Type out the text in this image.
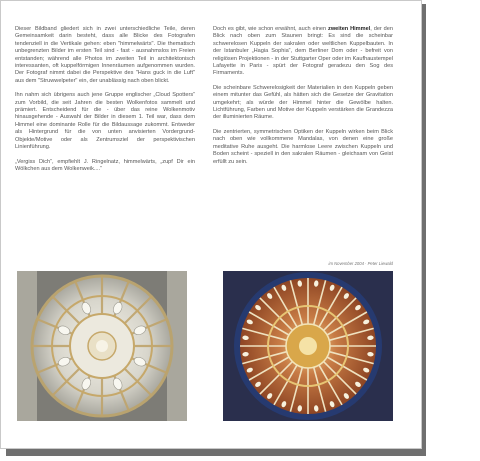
Dieser Bildband gliedert sich in zwei unterschiedliche Teile, deren Gemeinsamkeit darin besteht, dass alle Blicke des Fotografen tendenziell in die Vertikale gehen: eben "himmelwärts". Die thematisch unbegrenzten Bilder im ersten Teil sind - fast - ausnahmslos im Freien entstanden; während alle Photos im zweiten Teil in architektonisch interessanten, oft kuppelförmigen Innenräumen aufgenommen wurden. Der Fotograf nimmt dabei die Perspektive des "Hans guck in die Luft" aus dem "Struwwelpeter" ein, der unablässig nach oben blickt.

Ihn nahm sich übrigens auch jene Gruppe englischer „Cloud Spotters“ zum Vorbild, die seit Jahren die besten Wolkenfotos sammelt und prämiert. Entscheidend für die - über das reine Wolkenmotiv hinausgehende - Auswahl der Bilder in diesem 1. Teil war, dass dem Himmel eine dominante Rolle für die Bildaussage zukommt. Entweder als Hintergrund für die von unten anvisierten Vordergrund-Objekte/Motive oder als Zentrumsziel der perspektivischen Linienführung.

„Vergiss Dich“, empfiehlt J. Ringelnatz, himmelwärts, „zupf Dir ein Wölkchen aus dem Wolkenweik....“

Doch es gibt, wie schon erwähnt, auch einen zweiten Himmel, der den Blick nach oben zum Staunen bringt: Es sind die scheinbar schwerelosen Kuppeln der sakralen oder weltlichen Kuppelbauten. In der Istanbuler „Hagia Sophia“, dem Berliner Dom oder - befreit von religiösen Projektionen - in der Stuttgarter Oper oder im Kaufhaustempel Lafayette in Paris - spürt der Fotograf geradezu den Sog des Firmaments.

Die scheinbare Schwerelosigkeit der Materialien in den Kuppeln geben einem mitunter das Gefühl, als hätten sich die Gesetze der Gravitation umgekehrt; als würde der Himmel hinter die Gewölbe halten. Lichtführung, Farben und Motive der Kuppeln verstärken die Grandezza der illuminierten Räume.

Die zentrierten, symmetrischen Optiken der Kuppeln wirken beim Blick nach oben wie vollkommene Mandalas, von denen eine große meditative Ruhe ausgeht. Die harmlose Leere zwischen Kuppeln und Boden scheint - speziell in den sakralen Räumen - gleichsam von Geist erfüllt zu sein.

im November 2004 · Peter Liewald
